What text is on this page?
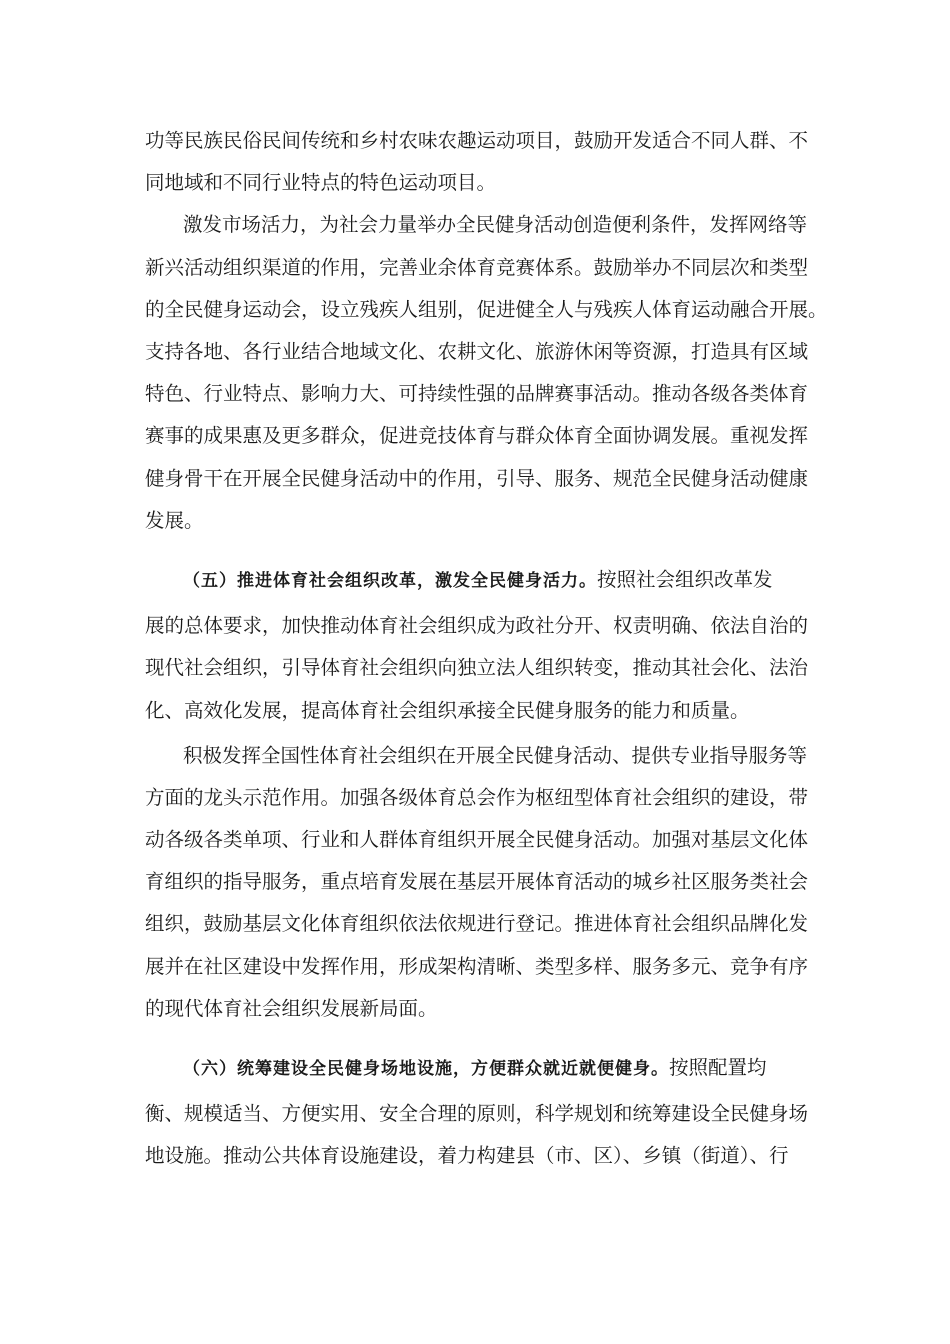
功等民族民俗民间传统和乡村农味农趣运动项目，鼓励开发适合不同人群、不
同地域和不同行业特点的特色运动项目。
激发市场活力，为社会力量举办全民健身活动创造便利条件，发挥网络等
新兴活动组织渠道的作用，完善业余体育竞赛体系。鼓励举办不同层次和类型
的全民健身运动会，设立残疾人组别，促进健全人与残疾人体育运动融合开展。
支持各地、各行业结合地域文化、农耕文化、旅游休闲等资源，打造具有区域
特色、行业特点、影响力大、可持续性强的品牌赛事活动。推动各级各类体育
赛事的成果惠及更多群众，促进竞技体育与群众体育全面协调发展。重视发挥
健身骨干在开展全民健身活动中的作用，引导、服务、规范全民健身活动健康
发展。
（五）推进体育社会组织改革，激发全民健身活力。按照社会组织改革发
展的总体要求，加快推动体育社会组织成为政社分开、权责明确、依法自治的
现代社会组织，引导体育社会组织向独立法人组织转变，推动其社会化、法治
化、高效化发展，提高体育社会组织承接全民健身服务的能力和质量。
积极发挥全国性体育社会组织在开展全民健身活动、提供专业指导服务等
方面的龙头示范作用。加强各级体育总会作为枢纽型体育社会组织的建设，带
动各级各类单项、行业和人群体育组织开展全民健身活动。加强对基层文化体
育组织的指导服务，重点培育发展在基层开展体育活动的城乡社区服务类社会
组织，鼓励基层文化体育组织依法依规进行登记。推进体育社会组织品牌化发
展并在社区建设中发挥作用，形成架构清晰、类型多样、服务多元、竞争有序
的现代体育社会组织发展新局面。
（六）统筹建设全民健身场地设施，方便群众就近就便健身。按照配置均
衡、规模适当、方便实用、安全合理的原则，科学规划和统筹建设全民健身场
地设施。推动公共体育设施建设，着力构建县（市、区）、乡镇（街道）、行
